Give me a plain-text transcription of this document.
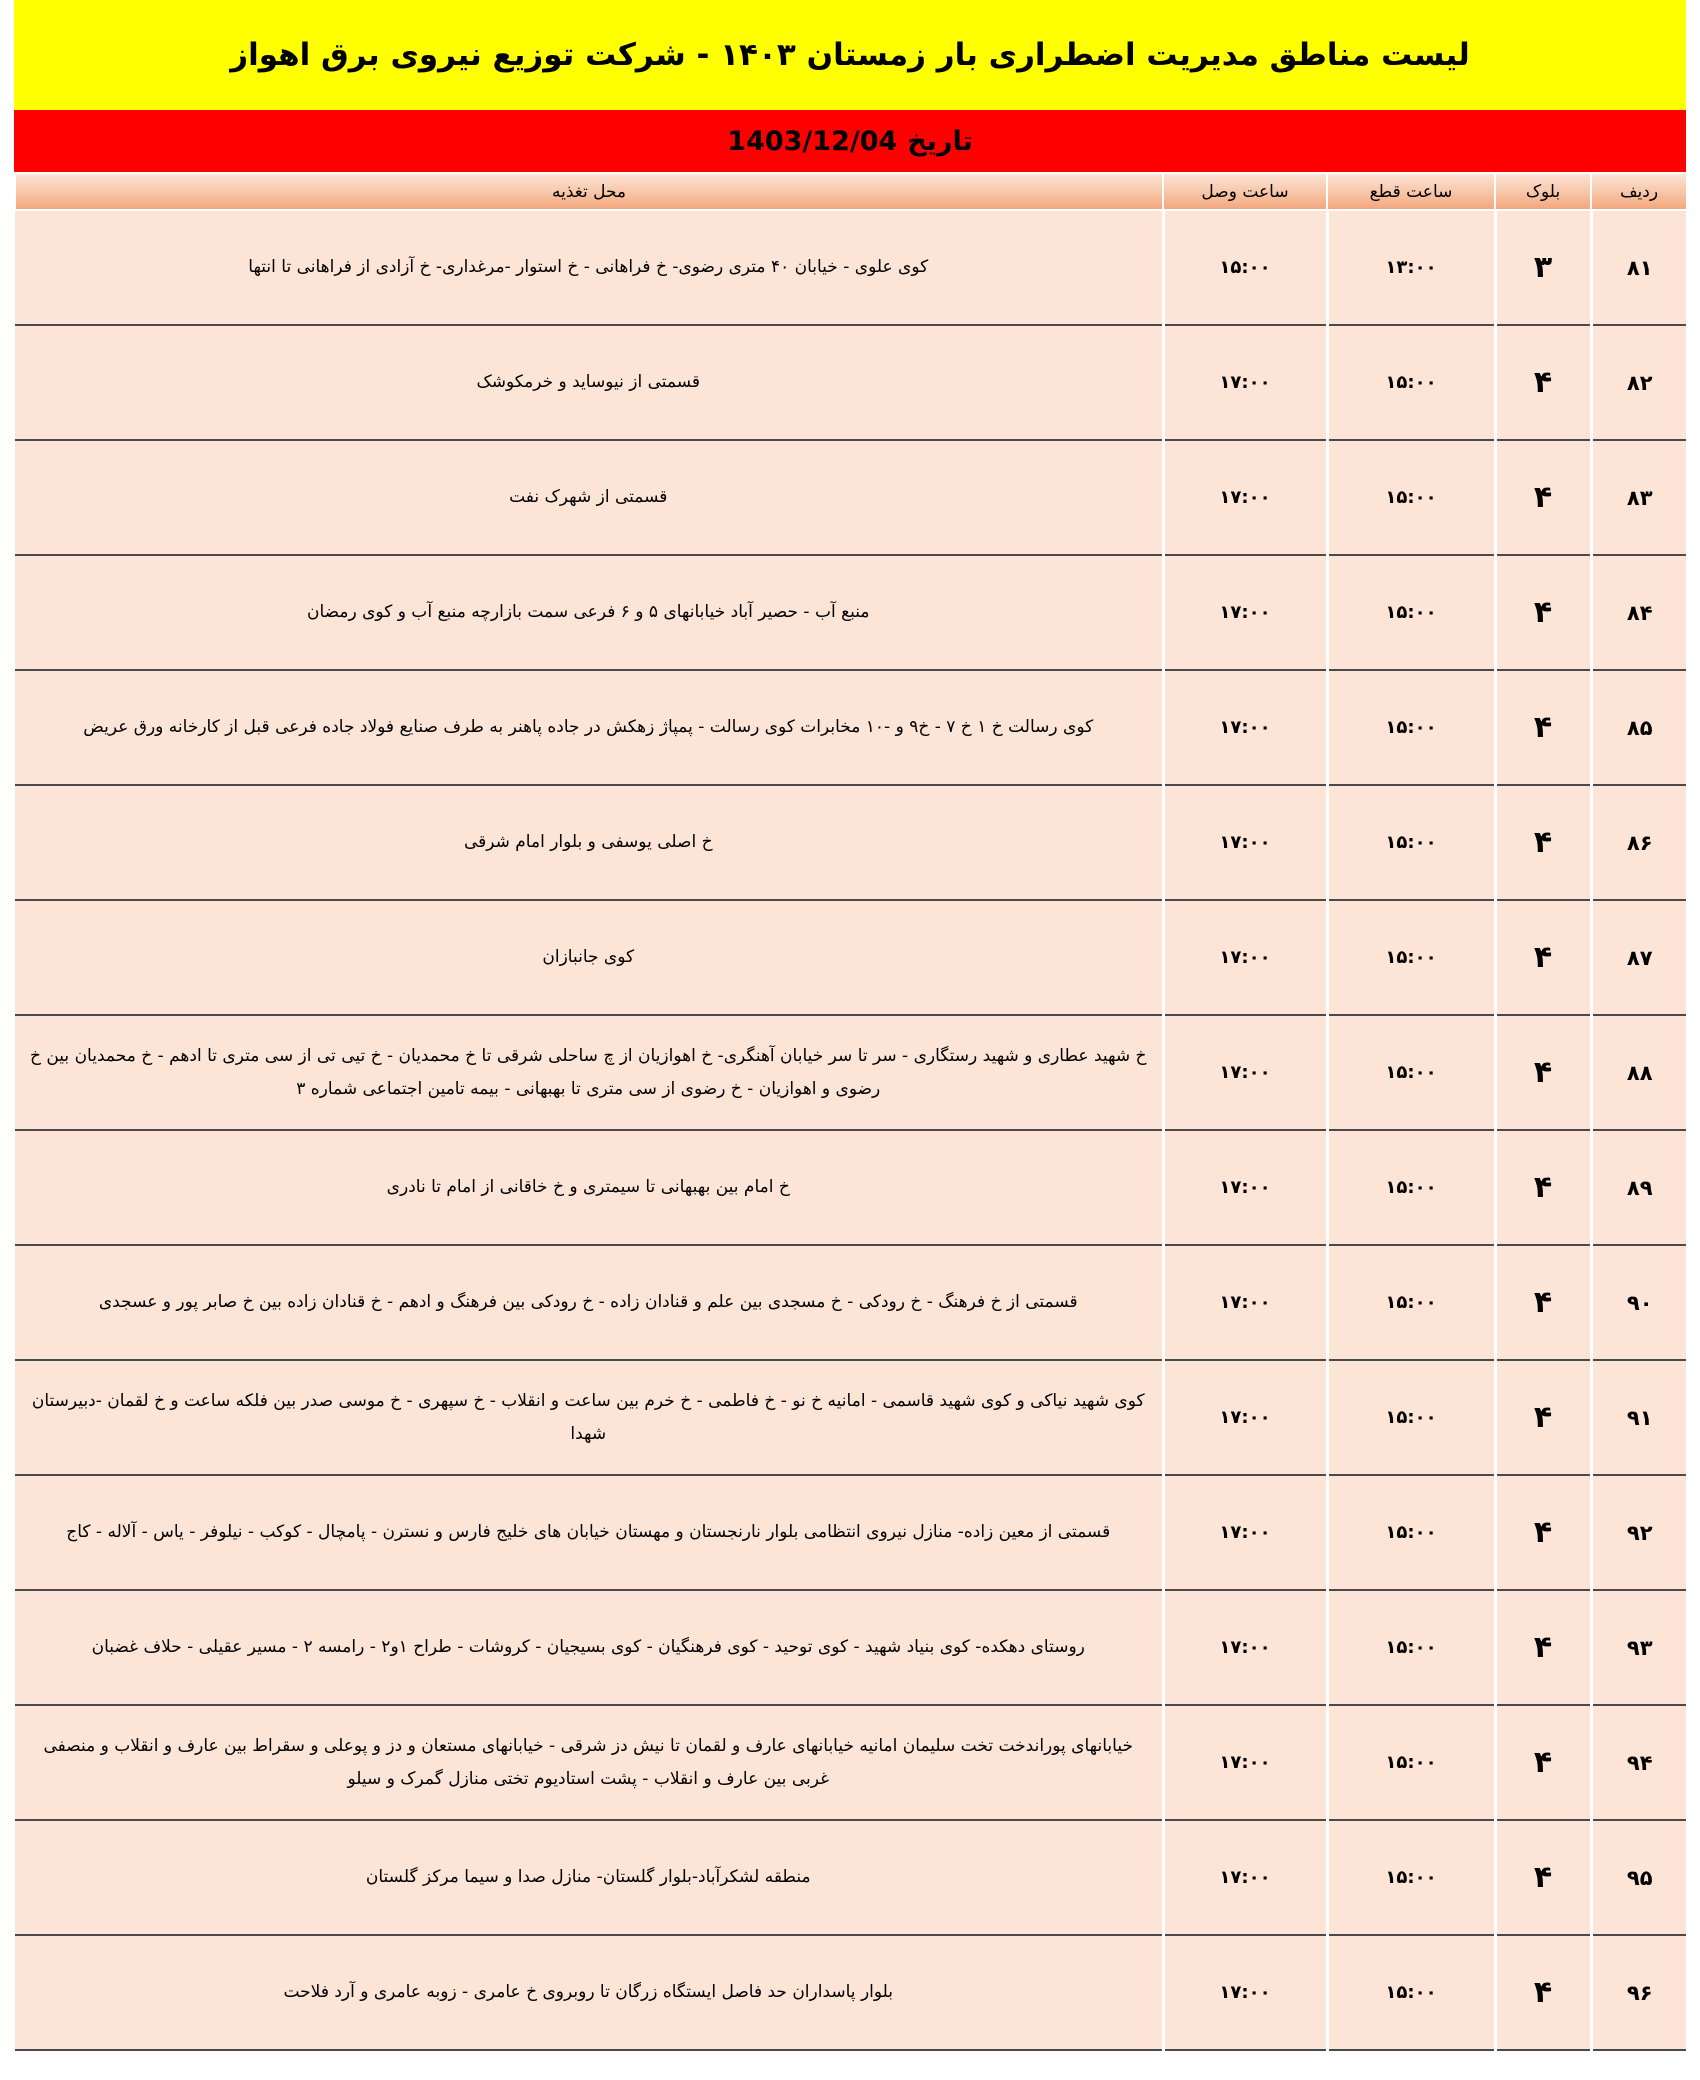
لیست مناطق مدیریت اضطراری بار زمستان ۱۴۰۳ - شرکت توزیع نیروی برق اهواز
تاریخ
1403/12/04
ردیف	بلوک	ساعت قطع	ساعت وصل	محل تغذیه
۸۱	۳	۱۳:۰۰	۱۵:۰۰	کوی علوی - خیابان ۴۰ متری رضوی- خ فراهانی - خ استوار -مرغداری- خ آزادی از فراهانی تا انتها
۸۲	۴	۱۵:۰۰	۱۷:۰۰	قسمتی از نیوساید و خرمکوشک
۸۳	۴	۱۵:۰۰	۱۷:۰۰	قسمتی از شهرک نفت
۸۴	۴	۱۵:۰۰	۱۷:۰۰	منبع آب - حصیر آباد خیابانهای ۵ و ۶ فرعی سمت بازارچه منبع آب و کوی رمضان
۸۵	۴	۱۵:۰۰	۱۷:۰۰	کوی رسالت خ ۱ خ ۷ - خ۹ و -۱۰ مخابرات کوی رسالت - پمپاژ زهکش در جاده پاهنر به طرف صنایع فولاد جاده فرعی قبل از کارخانه ورق عریض
۸۶	۴	۱۵:۰۰	۱۷:۰۰	خ اصلی یوسفی و بلوار امام شرقی
۸۷	۴	۱۵:۰۰	۱۷:۰۰	کوی جانبازان
۸۸	۴	۱۵:۰۰	۱۷:۰۰	خ شهید عطاری و شهید رستگاری - سر تا سر خیابان آهنگری- خ اهوازیان از چ ساحلی شرقی تا خ محمدیان - خ تیی تی از سی متری تا ادهم - خ محمدیان بین خ رضوی و اهوازیان - خ رضوی از سی متری تا بهبهانی - بیمه تامین اجتماعی شماره ۳
۸۹	۴	۱۵:۰۰	۱۷:۰۰	خ امام بین بهبهانی تا سیمتری و خ خاقانی از امام تا نادری
۹۰	۴	۱۵:۰۰	۱۷:۰۰	قسمتی از خ فرهنگ - خ رودکی - خ مسجدی بین علم و قنادان زاده - خ رودکی بین فرهنگ و ادهم - خ قنادان زاده بین خ صابر پور و عسجدی
۹۱	۴	۱۵:۰۰	۱۷:۰۰	کوی شهید نیاکی و کوی شهید قاسمی - امانیه خ نو - خ فاطمی - خ خرم بین ساعت و انقلاب - خ سپهری - خ موسی صدر بین فلکه ساعت و خ لقمان -دبیرستان شهدا
۹۲	۴	۱۵:۰۰	۱۷:۰۰	قسمتی از معین زاده- منازل نیروی انتظامی بلوار نارنجستان و مهستان خیابان های خلیج فارس و نسترن - پامچال - کوکب - نیلوفر - یاس - آلاله - کاج
۹۳	۴	۱۵:۰۰	۱۷:۰۰	روستای دهکده- کوی بنیاد شهید - کوی توحید - کوی فرهنگیان - کوی بسیجیان - کروشات - طراح ۱و۲ - رامسه ۲ - مسیر عقیلی - حلاف غضبان
۹۴	۴	۱۵:۰۰	۱۷:۰۰	خیابانهای پوراندخت تخت سلیمان امانیه خیابانهای عارف و لقمان تا نیش دز شرقی - خیابانهای مستعان و دز و پوعلی و سقراط بین عارف و انقلاب و منصفی غربی بین عارف و انقلاب - پشت استادیوم تختی منازل گمرک و سیلو
۹۵	۴	۱۵:۰۰	۱۷:۰۰	منطقه لشکرآباد-بلوار گلستان- منازل صدا و سیما مرکز گلستان
۹۶	۴	۱۵:۰۰	۱۷:۰۰	بلوار پاسداران حد فاصل ایستگاه زرگان تا روبروی خ عامری - زوبه عامری و آرد فلاحت
